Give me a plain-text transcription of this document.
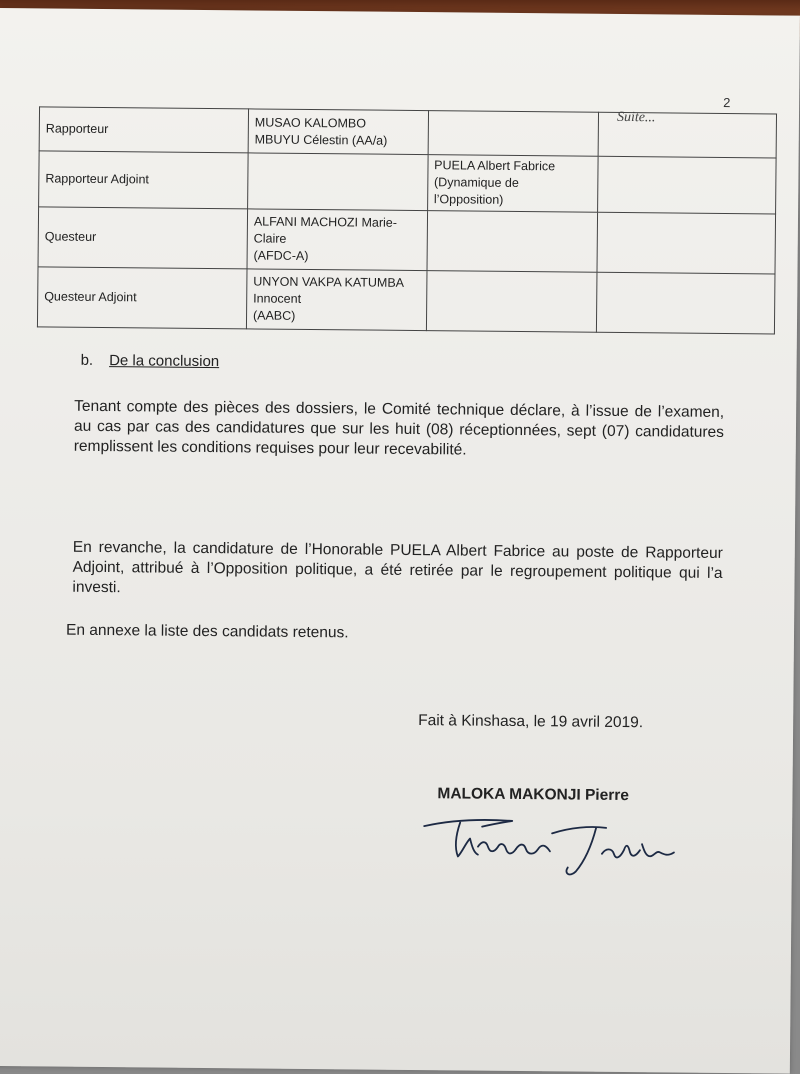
2
Suite...
Rapporteur	MUSAO KALOMBO
MBUYU Célestin (AA/a)		

Rapporteur Adjoint		PUELA Albert Fabrice
(Dynamique de
l’Opposition)	

Questeur	ALFANI MACHOZI Marie-
Claire
(AFDC-A)		

Questeur Adjoint	UNYON VAKPA KATUMBA
Innocent
(AABC)		

b. De la conclusion

Tenant compte des pièces des dossiers, le Comité technique déclare, à l’issue de l’examen, au cas par cas des candidatures que sur les huit (08) réceptionnées, sept (07) candidatures remplissent les conditions requises pour leur recevabilité.

En revanche, la candidature de l’Honorable PUELA Albert Fabrice au poste de Rapporteur Adjoint, attribué à l’Opposition politique, a été retirée par le regroupement politique qui l’a investi.

En annexe la liste des candidats retenus.

Fait à Kinshasa, le 19 avril 2019.
MALOKA MAKONJI Pierre
